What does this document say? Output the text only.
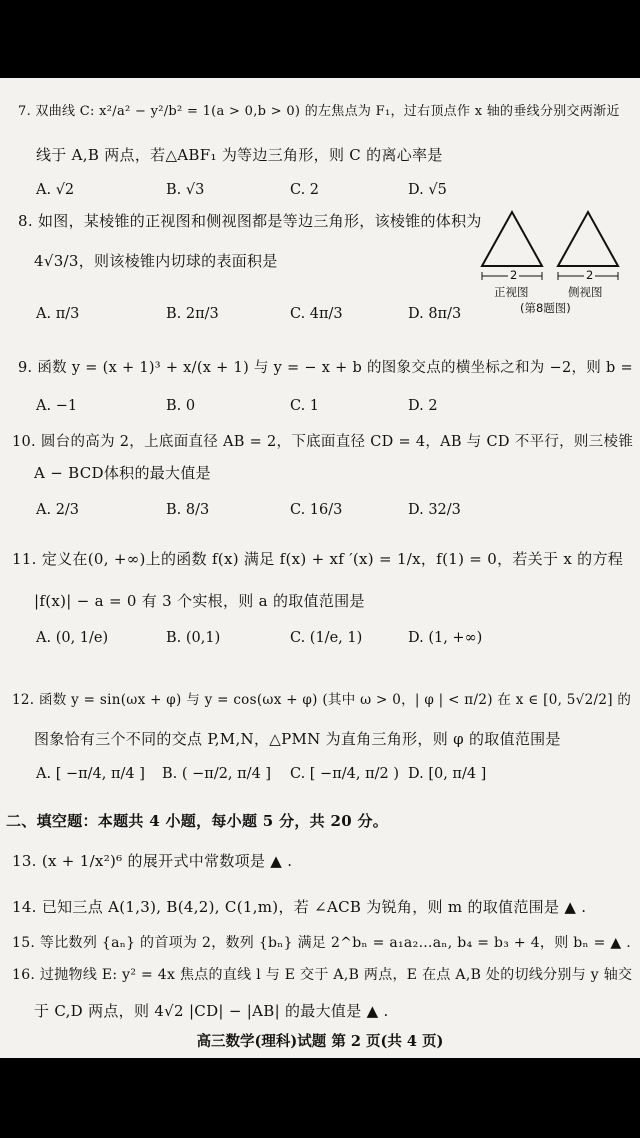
7. 双曲线 C: x²/a² − y²/b² = 1(a > 0,b > 0) 的左焦点为 F₁，过右顶点作 x 轴的垂线分别交两渐近
线于 A,B 两点，若△ABF₁ 为等边三角形，则 C 的离心率是
A. √2	B. √3	C. 2	D. √5
8. 如图，某棱锥的正视图和侧视图都是等边三角形，该棱锥的体积为
4√3/3，则该棱锥内切球的表面积是
A. π/3	B. 2π/3	C. 4π/3	D. 8π/3
2	2
正视图	侧视图
(第8题图)
9. 函数 y = (x + 1)³ + x/(x + 1) 与 y = − x + b 的图象交点的横坐标之和为 −2，则 b =
A. −1	B. 0	C. 1	D. 2
10. 圆台的高为 2，上底面直径 AB = 2，下底面直径 CD = 4，AB 与 CD 不平行，则三棱锥
A − BCD体积的最大值是
A. 2/3	B. 8/3	C. 16/3	D. 32/3
11. 定义在(0, +∞)上的函数 f(x) 满足 f(x) + xf ′(x) = 1/x，f(1) = 0，若关于 x 的方程
|f(x)| − a = 0 有 3 个实根，则 a 的取值范围是
A. (0, 1/e)	B. (0,1)	C. (1/e, 1)	D. (1, +∞)
12. 函数 y = sin(ωx + φ) 与 y = cos(ωx + φ) (其中 ω > 0，| φ | < π/2) 在 x ∈ [0, 5√2/2] 的
图象恰有三个不同的交点 P,M,N，△PMN 为直角三角形，则 φ 的取值范围是
A. [ −π/4, π/4 ] B. ( −π/2, π/4 ] C. [ −π/4, π/2 ) D. [0, π/4 ]
二、填空题：本题共 4 小题，每小题 5 分，共 20 分。
13. (x + 1/x²)⁶ 的展开式中常数项是 ▲ .
14. 已知三点 A(1,3), B(4,2), C(1,m)，若 ∠ACB 为锐角，则 m 的取值范围是 ▲ .
15. 等比数列 {aₙ} 的首项为 2，数列 {bₙ} 满足 2^bₙ = a₁a₂…aₙ, b₄ = b₃ + 4，则 bₙ = ▲ .
16. 过抛物线 E: y² = 4x 焦点的直线 l 与 E 交于 A,B 两点，E 在点 A,B 处的切线分别与 y 轴交
于 C,D 两点，则 4√2 |CD| − |AB| 的最大值是 ▲ .
高三数学(理科)试题 第 2 页(共 4 页)
